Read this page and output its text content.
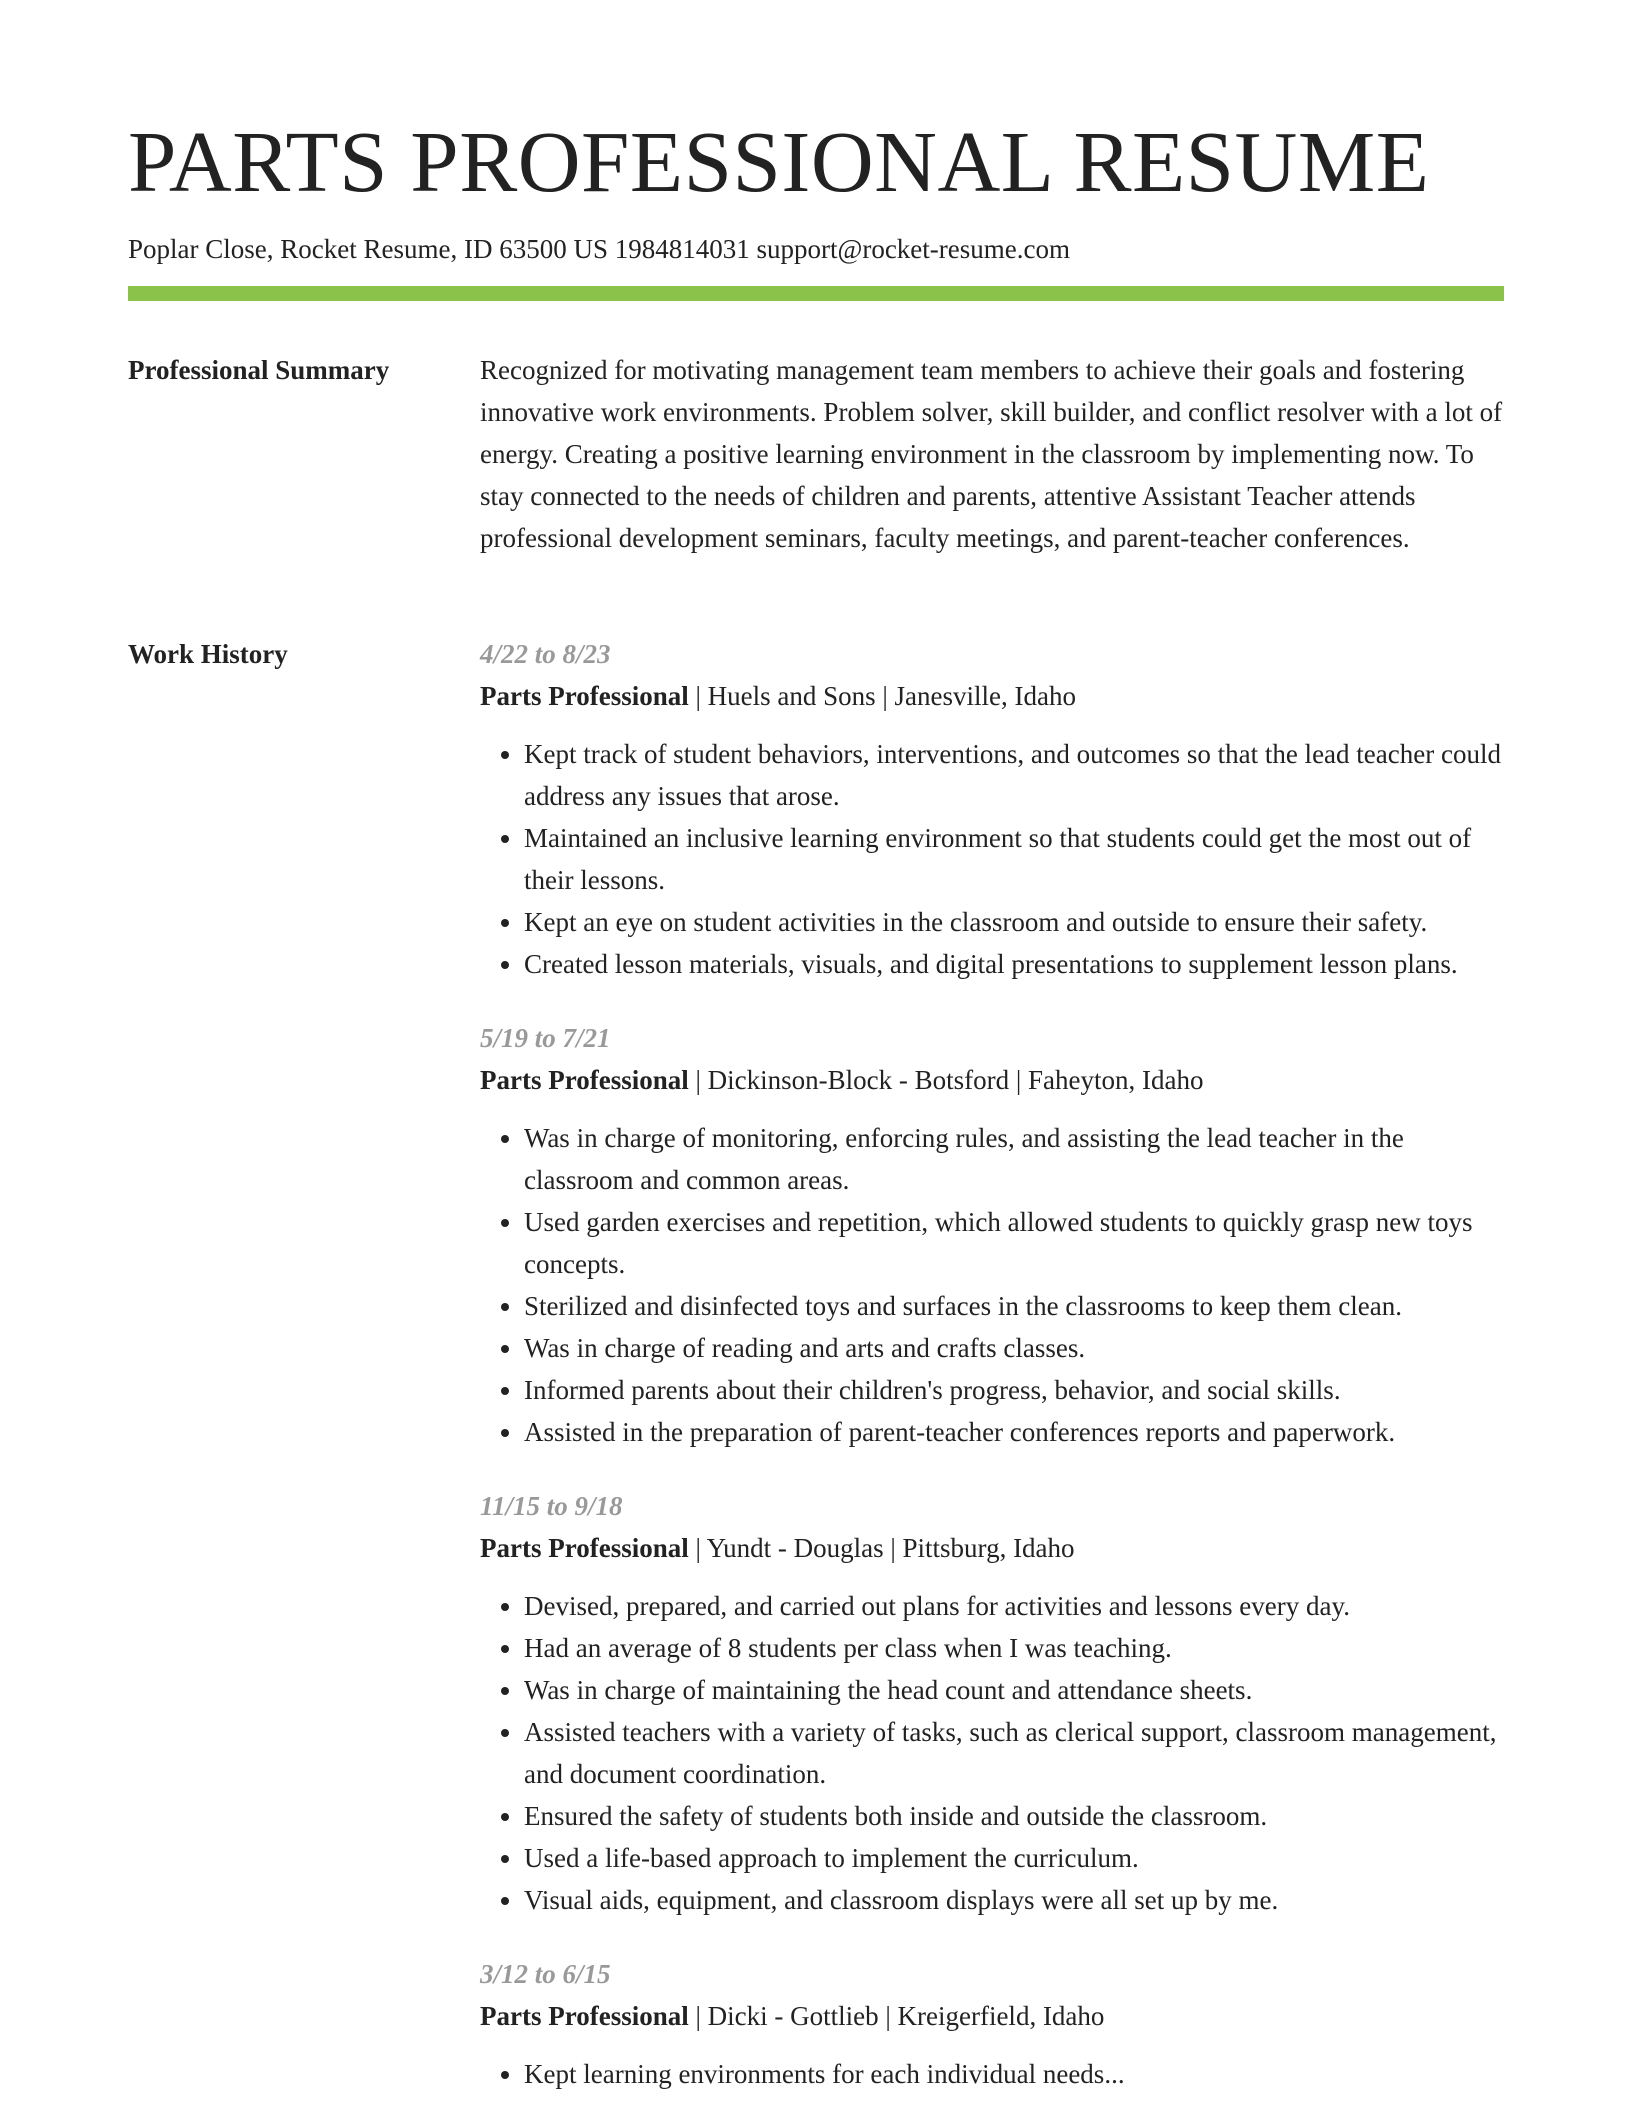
PARTS PROFESSIONAL RESUME
Poplar Close, Rocket Resume, ID 63500 US 1984814031 support@rocket-resume.com
Professional Summary	Recognized for motivating management team members to achieve their goals and fostering innovative work environments. Problem solver, skill builder, and conflict resolver with a lot of energy. Creating a positive learning environment in the classroom by implementing now. To stay connected to the needs of children and parents, attentive Assistant Teacher attends professional development seminars, faculty meetings, and parent-teacher conferences.

Work History	4/22 to 8/23
Parts Professional | Huels and Sons | Janesville, Idaho
• Kept track of student behaviors, interventions, and outcomes so that the lead teacher could address any issues that arose.
• Maintained an inclusive learning environment so that students could get the most out of their lessons.
• Kept an eye on student activities in the classroom and outside to ensure their safety.
• Created lesson materials, visuals, and digital presentations to supplement lesson plans.
5/19 to 7/21
Parts Professional | Dickinson-Block - Botsford | Faheyton, Idaho
• Was in charge of monitoring, enforcing rules, and assisting the lead teacher in the classroom and common areas.
• Used garden exercises and repetition, which allowed students to quickly grasp new toys concepts.
• Sterilized and disinfected toys and surfaces in the classrooms to keep them clean.
• Was in charge of reading and arts and crafts classes.
• Informed parents about their children's progress, behavior, and social skills.
• Assisted in the preparation of parent-teacher conferences reports and paperwork.
11/15 to 9/18
Parts Professional | Yundt - Douglas | Pittsburg, Idaho
• Devised, prepared, and carried out plans for activities and lessons every day.
• Had an average of 8 students per class when I was teaching.
• Was in charge of maintaining the head count and attendance sheets.
• Assisted teachers with a variety of tasks, such as clerical support, classroom management, and document coordination.
• Ensured the safety of students both inside and outside the classroom.
• Used a life-based approach to implement the curriculum.
• Visual aids, equipment, and classroom displays were all set up by me.
3/12 to 6/15
Parts Professional | Dicki - Gottlieb | Kreigerfield, Idaho
• Kept learning environments for each individual needs...
